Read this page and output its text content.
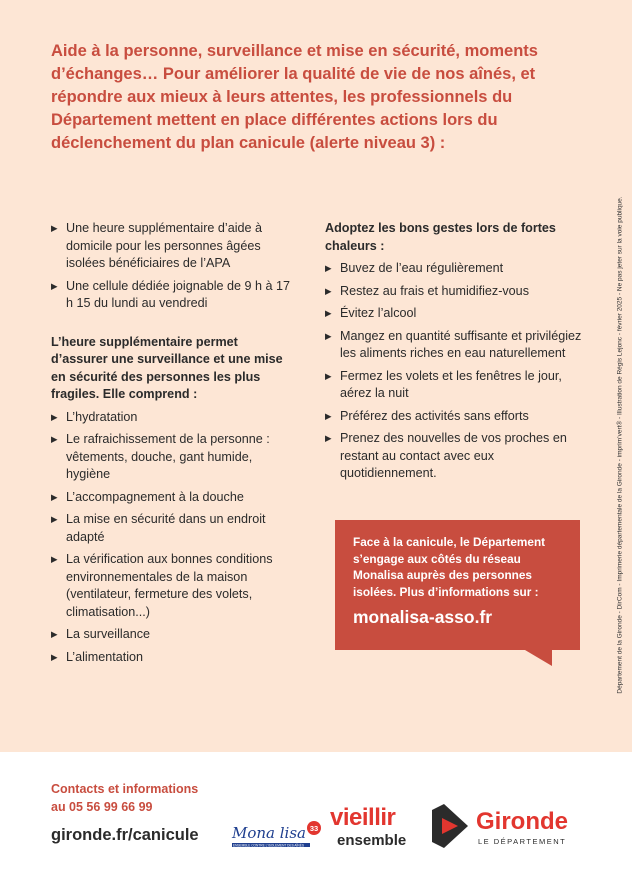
Aide à la personne, surveillance et mise en sécurité, moments d’échanges… Pour améliorer la qualité de vie de nos aînés, et répondre aux mieux à leurs attentes, les professionnels du Département mettent en place différentes actions lors du déclenchement du plan canicule (alerte niveau 3) :

▶ Une heure supplémentaire d’aide à domicile pour les personnes âgées isolées bénéficiaires de l’APA
▶ Une cellule dédiée joignable de 9 h à 17 h 15 du lundi au vendredi

L’heure supplémentaire permet d’assurer une surveillance et une mise en sécurité des personnes les plus fragiles. Elle comprend :

▶ L’hydratation
▶ Le rafraichissement de la personne : vêtements, douche, gant humide, hygiène
▶ L’accompagnement à la douche
▶ La mise en sécurité dans un endroit adapté
▶ La vérification aux bonnes conditions environnementales de la maison (ventilateur, fermeture des volets, climatisation...)
▶ La surveillance
▶ L’alimentation

Adoptez les bons gestes lors de fortes chaleurs :

▶ Buvez de l’eau régulièrement
▶ Restez au frais et humidifiez-vous
▶ Évitez l’alcool
▶ Mangez en quantité suffisante et privilégiez les aliments riches en eau naturellement
▶ Fermez les volets et les fenêtres le jour, aérez la nuit
▶ Préférez des activités sans efforts
▶ Prenez des nouvelles de vos proches en restant au contact avec eux quotidiennement.

Face à la canicule, le Département s’engage aux côtés du réseau Monalisa auprès des personnes isolées. Plus d’informations sur :

monalisa-asso.fr	Département de la Gironde - DirCom - Imprimerie départementale de la Gironde - imprim’vert® - Illustration de Régis Lejonc - février 2025 - Ne pas jeter sur la voie publique.

Contacts et informations

au 05 56 99 66 99

gironde.fr/canicule Mona lisa
ENSEMBLE CONTRE L’ISOLEMENT DES AÎNÉS
33 vieillir
ensemble
Gironde
LE DÉPARTEMENT
